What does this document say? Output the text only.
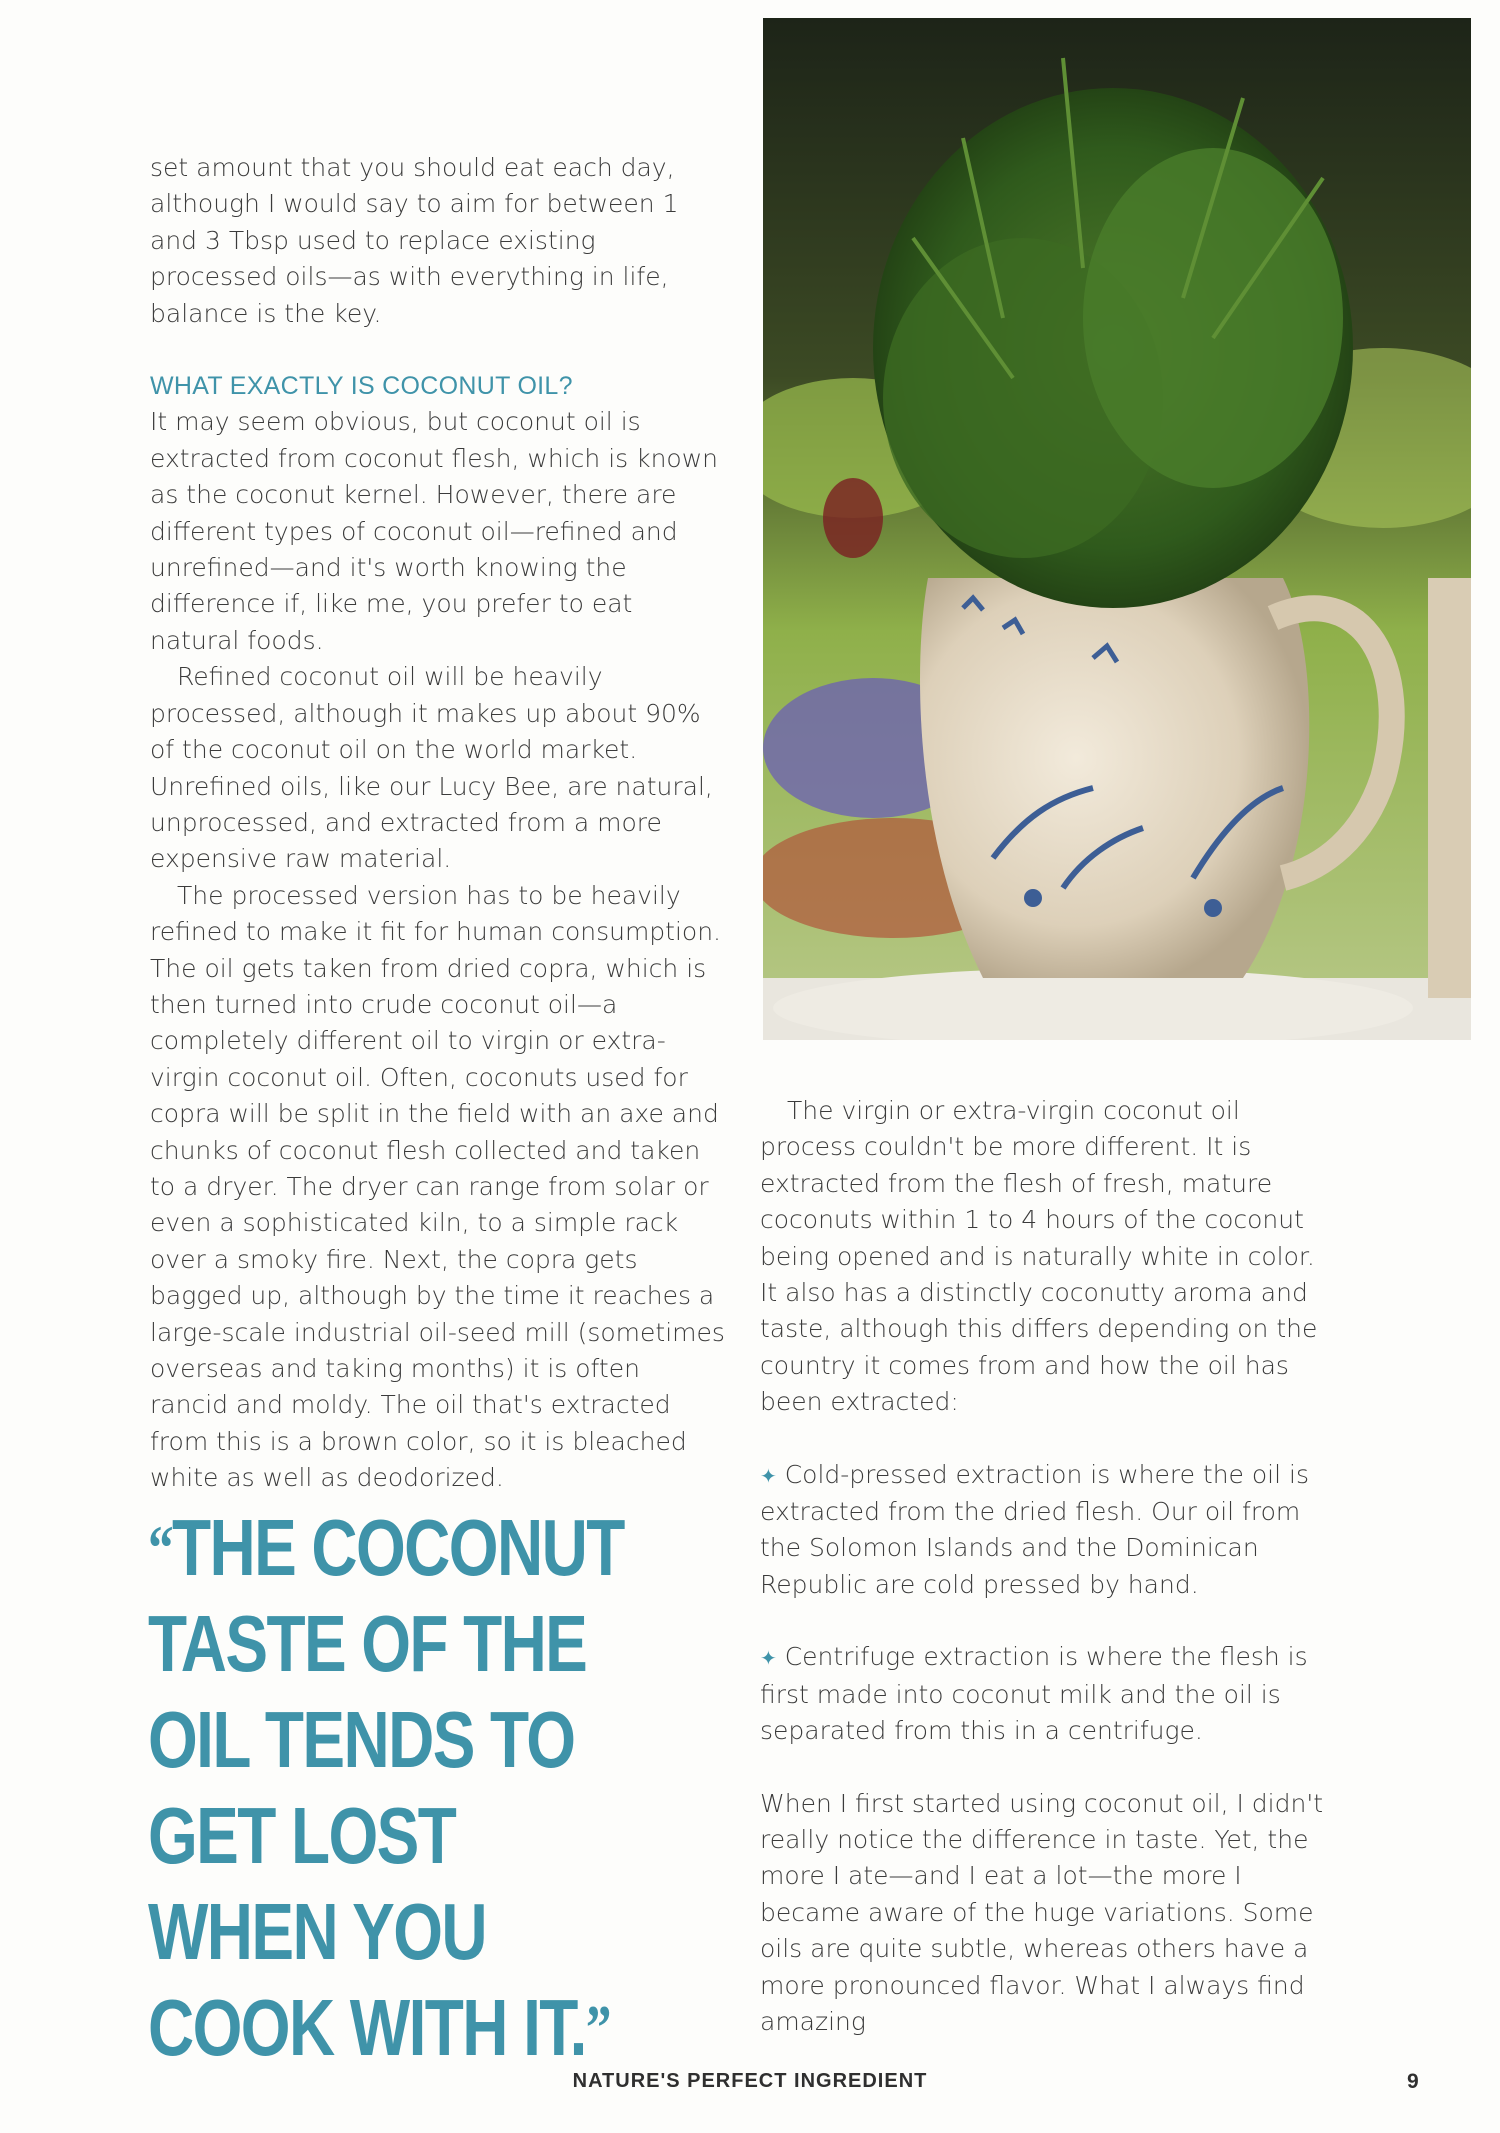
set amount that you should eat each day, although I would say to aim for between 1 and 3 Tbsp used to replace existing processed oils—as with everything in life, balance is the key.

WHAT EXACTLY IS COCONUT OIL?

It may seem obvious, but coconut oil is extracted from coconut flesh, which is known as the coconut kernel. However, there are different types of coconut oil—refined and unrefined—and it's worth knowing the difference if, like me, you prefer to eat natural foods.

Refined coconut oil will be heavily processed, although it makes up about 90% of the coconut oil on the world market. Unrefined oils, like our Lucy Bee, are natural, unprocessed, and extracted from a more expensive raw material.

The processed version has to be heavily refined to make it fit for human consumption. The oil gets taken from dried copra, which is then turned into crude coconut oil—a completely different oil to virgin or extra-virgin coconut oil. Often, coconuts used for copra will be split in the field with an axe and chunks of coconut flesh collected and taken to a dryer. The dryer can range from solar or even a sophisticated kiln, to a simple rack over a smoky fire. Next, the copra gets bagged up, although by the time it reaches a large-scale industrial oil-seed mill (sometimes overseas and taking months) it is often rancid and moldy. The oil that's extracted from this is a brown color, so it is bleached white as well as deodorized.

“THE COCONUT TASTE OF THE OIL TENDS TO GET LOST WHEN YOU COOK WITH IT.”

The virgin or extra-virgin coconut oil process couldn't be more different. It is extracted from the flesh of fresh, mature coconuts within 1 to 4 hours of the coconut being opened and is naturally white in color. It also has a distinctly coconutty aroma and taste, although this differs depending on the country it comes from and how the oil has been extracted:

✦ Cold-pressed extraction is where the oil is extracted from the dried flesh. Our oil from the Solomon Islands and the Dominican Republic are cold pressed by hand.

✦ Centrifuge extraction is where the flesh is first made into coconut milk and the oil is separated from this in a centrifuge.

When I first started using coconut oil, I didn't really notice the difference in taste. Yet, the more I ate—and I eat a lot—the more I became aware of the huge variations. Some oils are quite subtle, whereas others have a more pronounced flavor. What I always find amazing

NATURE'S PERFECT INGREDIENT	9
